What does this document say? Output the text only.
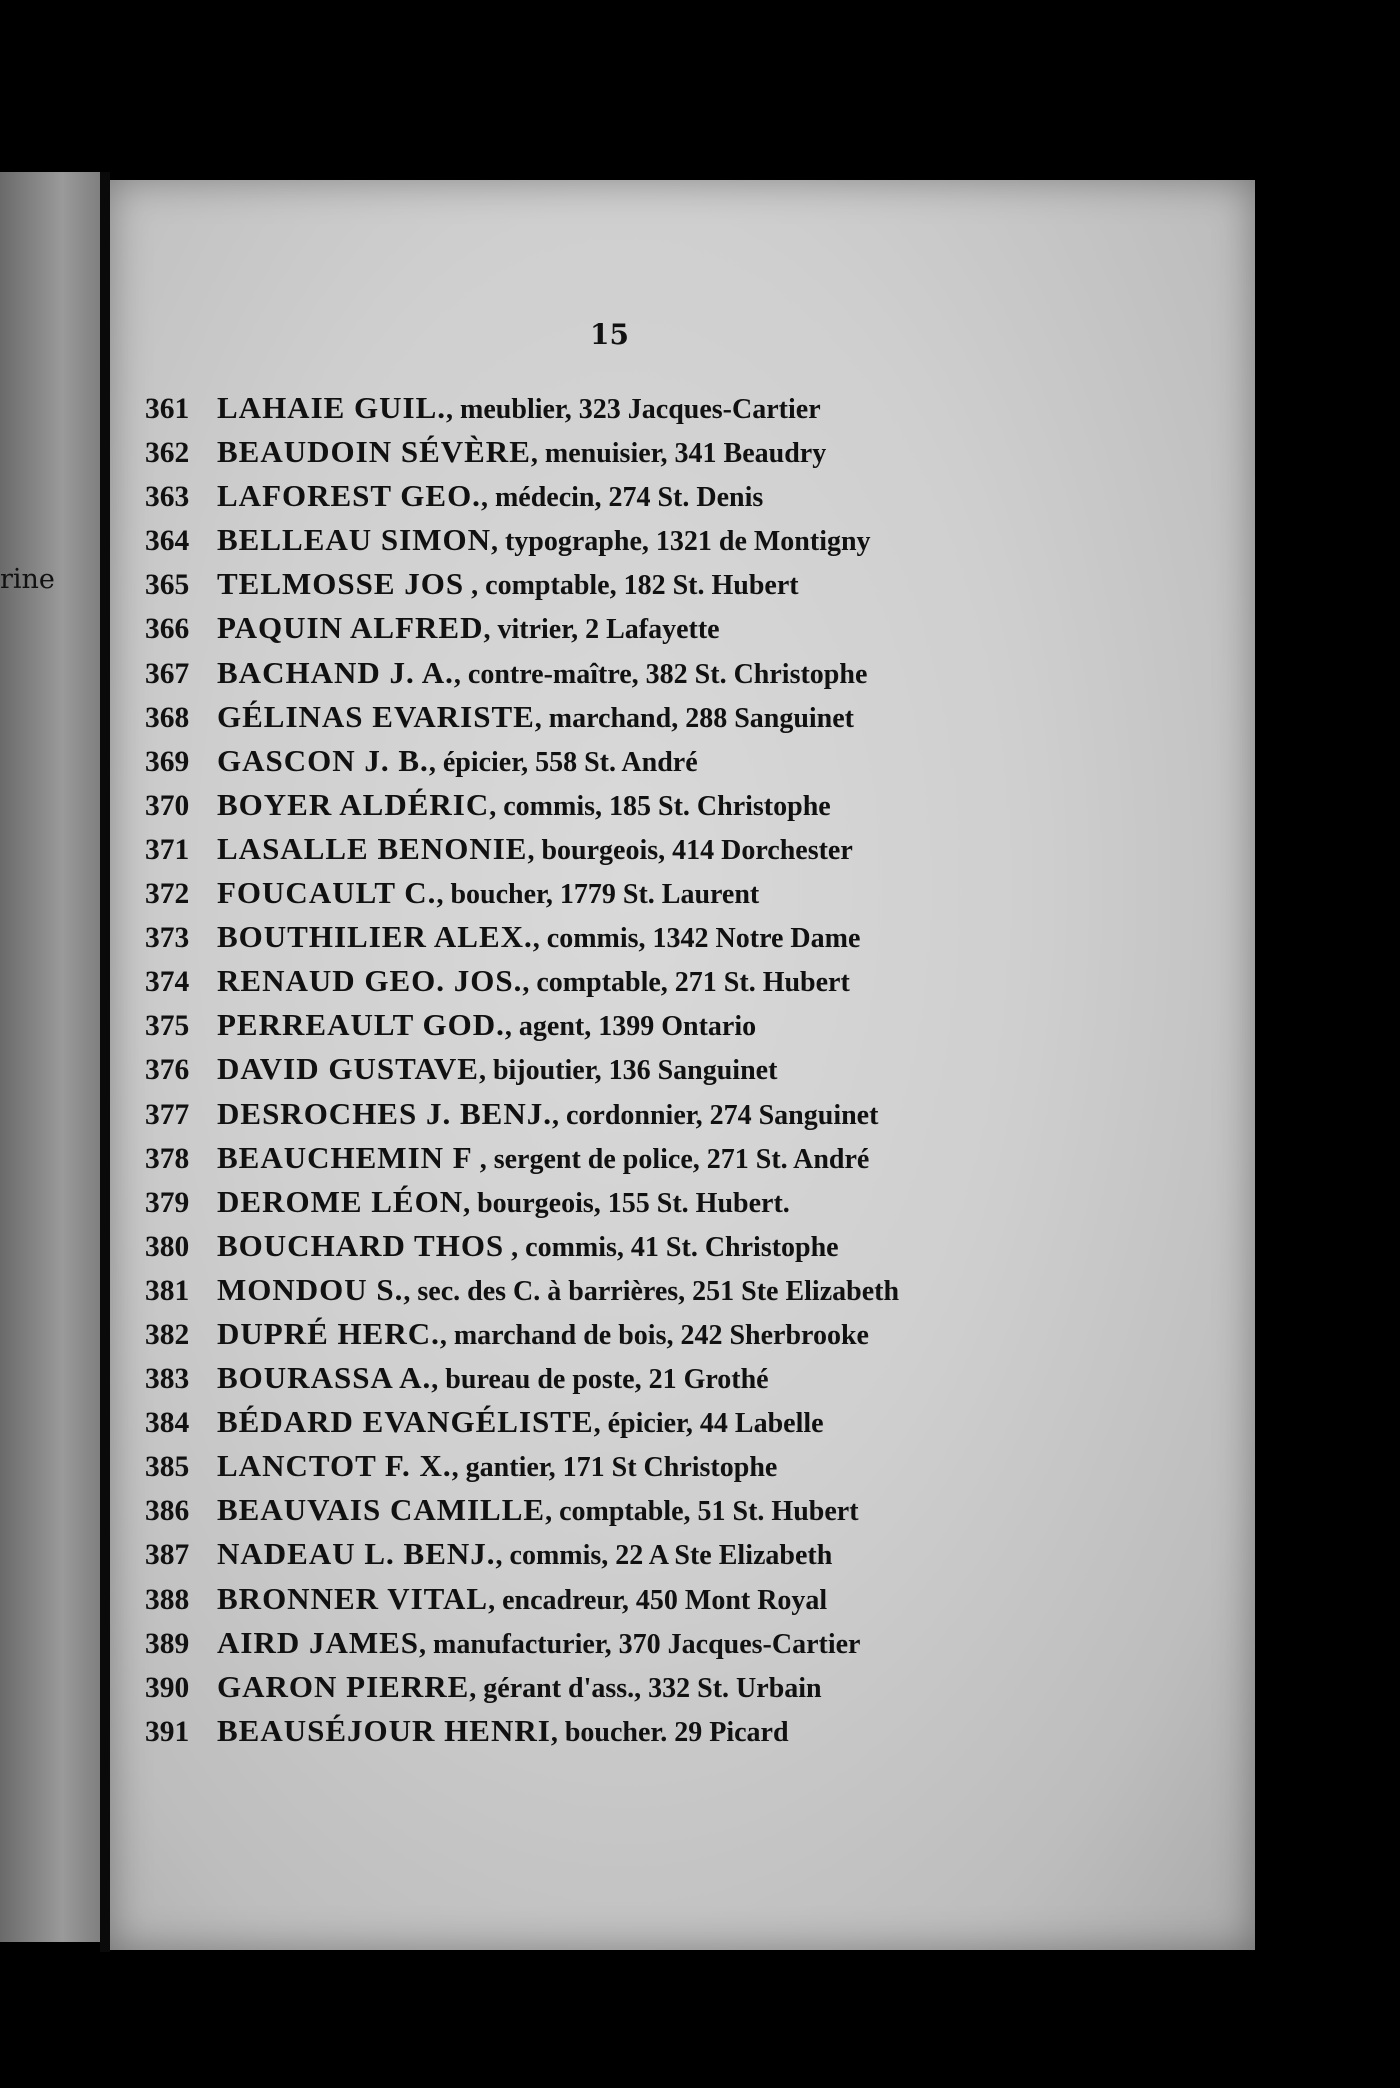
rine
15
361 LAHAIE GUIL., meublier, 323 Jacques-Cartier
362 BEAUDOIN SÉVÈRE, menuisier, 341 Beaudry
363 LAFOREST GEO., médecin, 274 St. Denis
364 BELLEAU SIMON, typographe, 1321 de Montigny
365 TELMOSSE JOS , comptable, 182 St. Hubert
366 PAQUIN ALFRED, vitrier, 2 Lafayette
367 BACHAND J. A., contre-maître, 382 St. Christophe
368 GÉLINAS EVARISTE, marchand, 288 Sanguinet
369 GASCON J. B., épicier, 558 St. André
370 BOYER ALDÉRIC, commis, 185 St. Christophe
371 LASALLE BENONIE, bourgeois, 414 Dorchester
372 FOUCAULT C., boucher, 1779 St. Laurent
373 BOUTHILIER ALEX., commis, 1342 Notre Dame
374 RENAUD GEO. JOS., comptable, 271 St. Hubert
375 PERREAULT GOD., agent, 1399 Ontario
376 DAVID GUSTAVE, bijoutier, 136 Sanguinet
377 DESROCHES J. BENJ., cordonnier, 274 Sanguinet
378 BEAUCHEMIN F , sergent de police, 271 St. André
379 DEROME LÉON, bourgeois, 155 St. Hubert.
380 BOUCHARD THOS , commis, 41 St. Christophe
381 MONDOU S., sec. des C. à barrières, 251 Ste Elizabeth
382 DUPRÉ HERC., marchand de bois, 242 Sherbrooke
383 BOURASSA A., bureau de poste, 21 Grothé
384 BÉDARD EVANGÉLISTE, épicier, 44 Labelle
385 LANCTOT F. X., gantier, 171 St Christophe
386 BEAUVAIS CAMILLE, comptable, 51 St. Hubert
387 NADEAU L. BENJ., commis, 22 A Ste Elizabeth
388 BRONNER VITAL, encadreur, 450 Mont Royal
389 AIRD JAMES, manufacturier, 370 Jacques-Cartier
390 GARON PIERRE, gérant d'ass., 332 St. Urbain
391 BEAUSÉJOUR HENRI, boucher. 29 Picard
